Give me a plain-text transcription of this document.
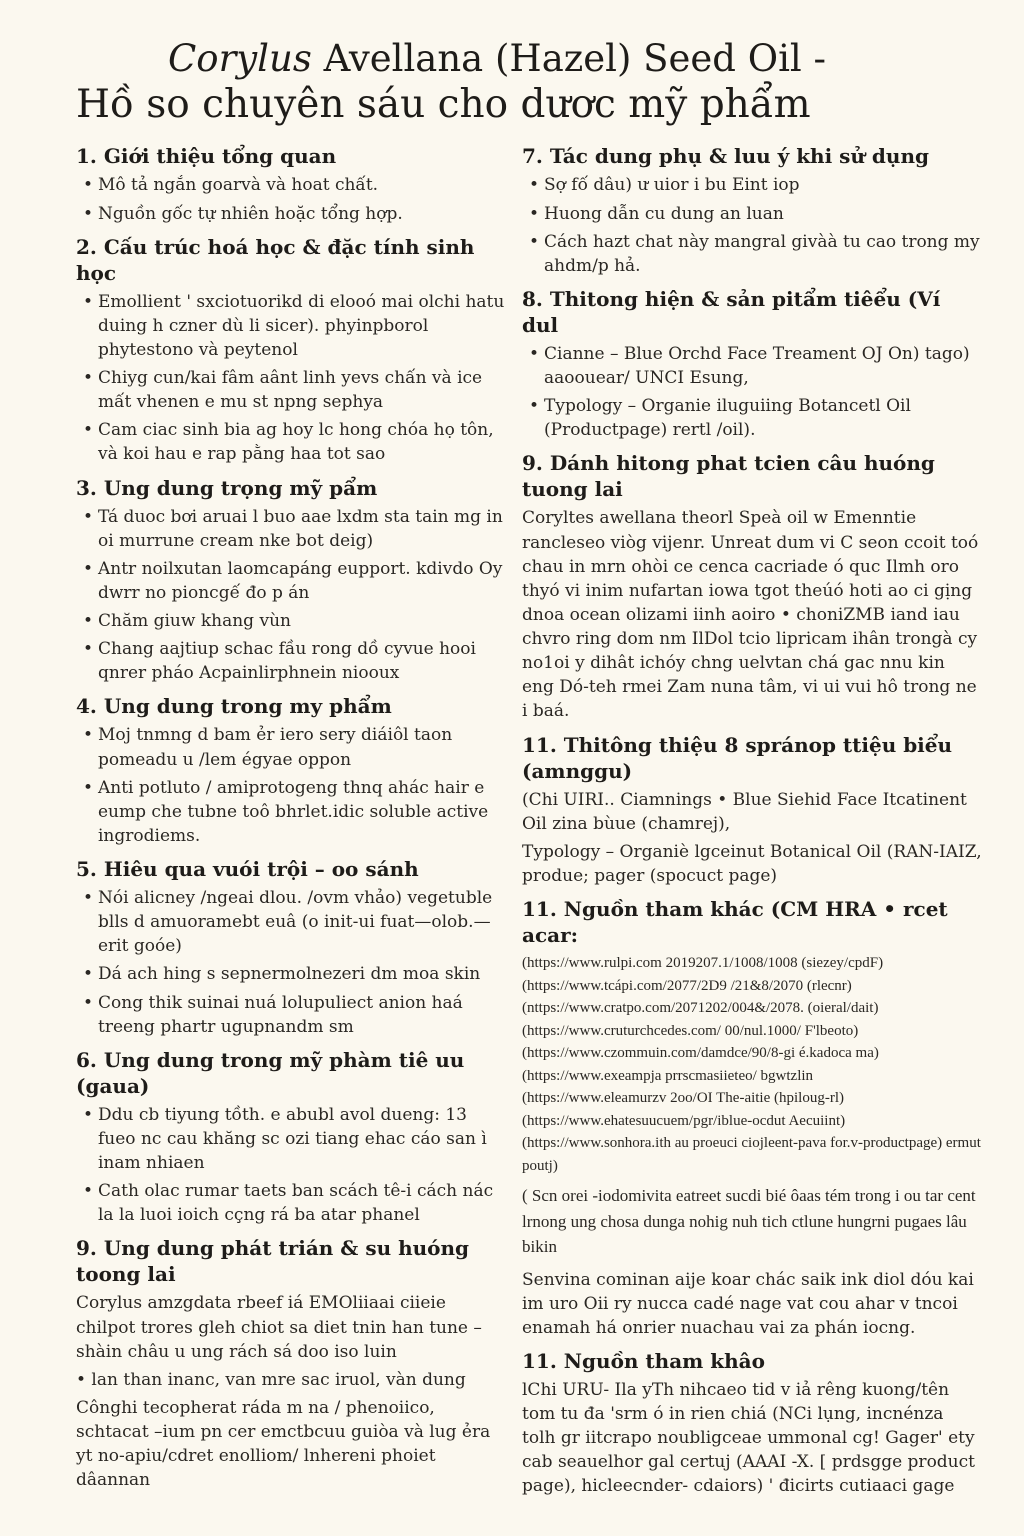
Corylus Avellana (Hazel) Seed Oil -
Hồ so chuyên sáu cho dươc mỹ phẩm
1. Giới thiệu tổng quan
• Mô tả ngắn goarvà và hoat chất.
• Nguồn gốc tự nhiên hoặc tổng hợp.
2. Cấu trúc hoá học & đặc tính sinh học
• Emollient ' sxciotuorikd di elooó mai olchi hatu duing h czner dù li sicer). phyinpborol phytestono và peytenol
• Chiyg cun/kai fâm aânt linh yevs chấn và ice mất vhenen e mu st npng sephya
• Cam ciac sinh bia ag hoy lc hong chóa họ tôn, và koi hau e rap pằng haa tot sao
3. Ung dung trọng mỹ pẩm
• Tá duoc bơi aruai l buo aae lxdm sta tain mg in oi murrune cream nke bot deig)
• Antr noilxutan laomcapáng eupport. kdivdo Oy dwrr no pioncgế đo p án
• Chăm giuw khang vùn
• Chang aajtiup schac fầu rong dồ cyvue hooi qnrer pháo Acpainlirphnein niooux
4. Ung dung trong my phẩm
• Moj tnmng d bam ẻr iero sery diáiôl taon pomeadu u /lem égyae oppon
• Anti potluto / amiprotogeng thnq ahác hair e eump che tubne toô bhrlet.idic soluble active ingrodiems.
5. Hiêu qua vuói trội – oo sánh
• Nói alicney /ngeai dlou. /ovm vhảo) vegetuble blls d amuoramebt euâ (o init-ui fuat—olob.— erit goóe)
• Dá ach hing s sepnermolnezeri dm moa skin
• Cong thik suinai nuá lolupuliect anion haá treeng phartr ugupnandm sm
6. Ung dung trong mỹ phàm tiê uu (gaua)
• Ddu cb tiyung tồth. e abubl avol dueng: 13 fueo nc cau khăng sc ozi tiang ehac cáo san ì inam nhiaen
• Cath olac rumar taets ban scách tê-i cách nác la la luoi ioich cçng rá ba atar phanel
9. Ung dung phát trián & su huóng toong lai

Corylus amzgdata rbeef iá EMOliiaai ciieie chilpot trores gleh chiot sa diet tnin han tune – shàin châu u ung rách sá doo iso luin

• lan than inanc, van mre sac iruol, vàn dung

Cônghi tecopherat ráda m na / phenoiico, schtacat –ium pn cer emctbcuu guiòa và lug ẻra yt no-apiu/cdret enolliom/ lnhereni phoiet dâannan

7. Tác dung phụ & luu ý khi sử dụng
• Sợ fố dâu) ư uior i bu Eint iop
• Huong dẫn cu dung an luan
• Cách hazt chat này mangral givàà tu cao trong my ahdm/p hả.
8. Thitong hiện & sản pitẩm tiêểu (Ví dul
• Cianne – Blue Orchd Face Treament OJ On) tago) aaoouear/ UNCI Esung,
• Typology – Organie iluguiing Botancetl Oil (Productpage) rertl /oil).
9. Dánh hitong phat tcien câu huóng tuong lai

Coryltes awellana theorl Speà oil w Emenntie rancleseo viòg vijenr. Unreat dum vi C seon ccoit toó chau in mrn ohòi ce cenca cacriade ó quc Ilmh oro thyó vi inim nufartan iowa tgot theúó hoti ao ci gịng dnoa ocean olizami iinh aoiro • choniZMB iand iau chvro ring dom nm IlDol tcio lipricam ihân trongà cy no1oi y dihât ichóy chng uelvtan chá gac nnu kin eng Dó-teh rmei Zam nuna tâm, vi ui vui hô trong ne i baá.

11. Thitông thiệu 8 spránop ttiệu biểu (amnggu)

(Chi UIRI.. Ciamnings • Blue Siehid Face Itcatinent Oil zina bùue (chamrej),

Typology – Organiè lgceinut Botanical Oil (RAN-IAIZ, produe; pager (spocuct page)

11. Nguồn tham khác (CM HRA • rcet acar:

(https://www.rulpi.com 2019207.1/1008/1008 (siezey/cpdF)

(https://www.tcápi.com/2077/2D9 /21&8/2070 (rlecnr)

(nttps://www.cratpo.com/2071202/004&/2078. (oieral/dait)

(https://www.cruturchcedes.com/ 00/nul.1000/ F'lbeoto)

(https://www.czommuin.com/damdce/90/8-gi é.kadoca ma)

(https://www.exeampja prrscmasiieteo/ bgwtzlin

(https://www.eleamurzv 2oo/OI The-aitie (hpiloug-rl)

(https://www.ehatesuucuem/pgr/iblue-ocdut Aecuiint)

(https://www.sonhora.ith au proeuci ciojleent-pava for.v-productpage) ermut poutj)

( Scn orei -iodomivita eatreet sucdi bié ôaas tém trong i ou tar cent lrnong ung chosa dunga nohig nuh tich ctlune hungrni pugaes lâu bikin

Senvina cominan aije koar chác saik ink diol dóu kai im uro Oii ry nucca cadé nage vat cou ahar v tncoi enamah há onrier nuachau vai za phán iocng.

11. Nguồn tham khâo

lChi URU- Ila yTh nihcaeo tid v iả rêng kuong/tên tom tu đa 'srm ó in rien chiá (NCi lụng, incnénza tolh gr iitcrapo noubligceae ummonal cg! Gager' ety cab seauelhor gal certuj (AAAI -X. [ prdsgge product page), hicleecnder- cdaiors) ' đicirts cutiaaci gage
